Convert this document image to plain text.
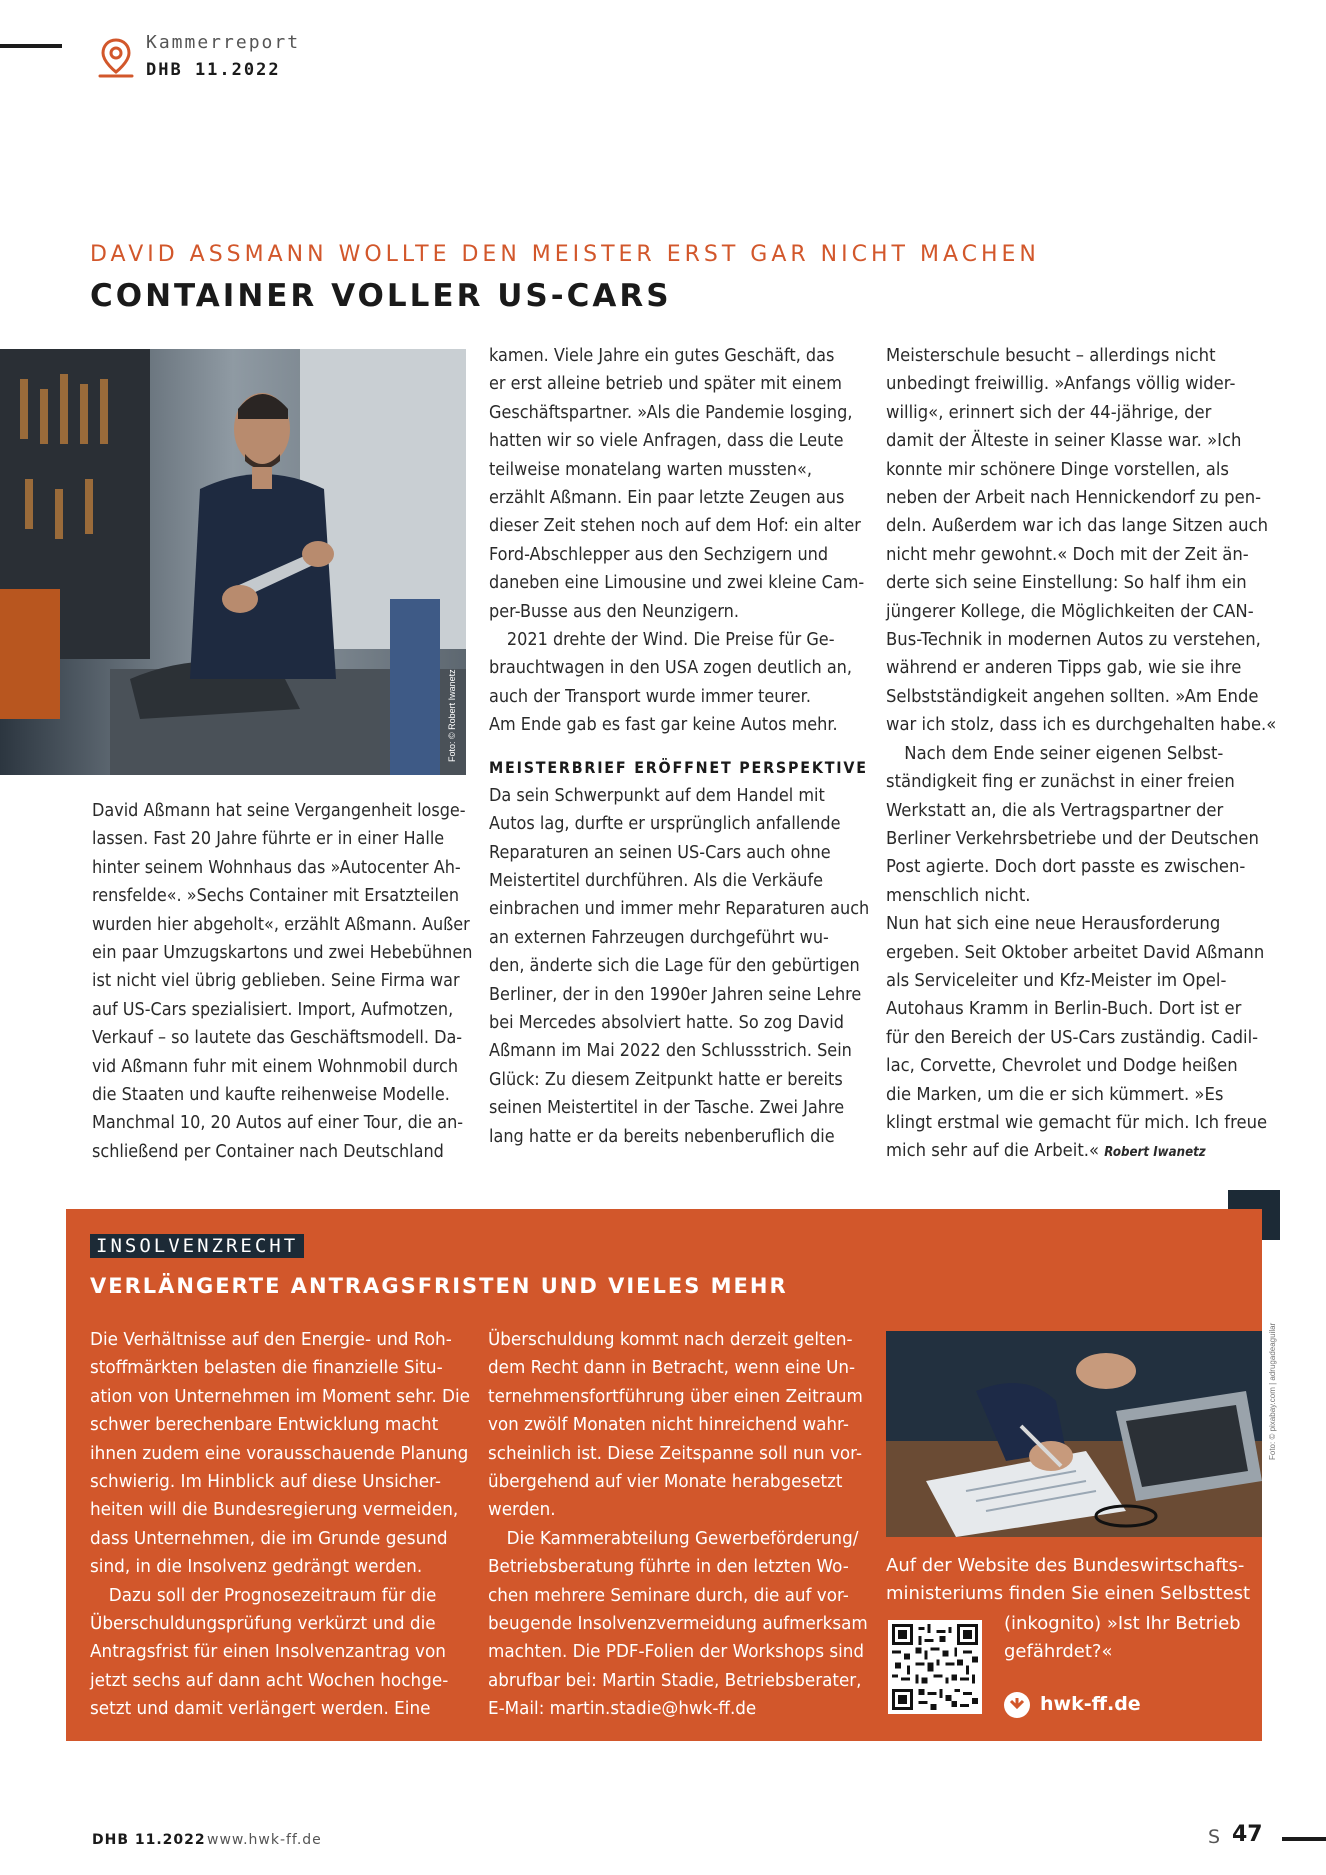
Kammerreport
DHB 11.2022
DAVID ASSMANN WOLLTE DEN MEISTER ERST GAR NICHT MACHEN
CONTAINER VOLLER US-CARS
Foto: © Robert Iwanetz

David Aßmann hat seine Vergangenheit losge-
lassen. Fast 20 Jahre führte er in einer Halle
hinter seinem Wohnhaus das »Autocenter Ah-
rensfelde«. »Sechs Container mit Ersatzteilen
wurden hier abgeholt«, erzählt Aßmann. Außer
ein paar Umzugskartons und zwei Hebebühnen
ist nicht viel übrig geblieben. Seine Firma war
auf US-Cars spezialisiert. Import, Aufmotzen,
Verkauf – so lautete das Geschäftsmodell. Da-
vid Aßmann fuhr mit einem Wohnmobil durch
die Staaten und kaufte reihenweise Modelle.
Manchmal 10, 20 Autos auf einer Tour, die an-
schließend per Container nach Deutschland

kamen. Viele Jahre ein gutes Geschäft, das
er erst alleine betrieb und später mit einem
Geschäftspartner. »Als die Pandemie losging,
hatten wir so viele Anfragen, dass die Leute
teilweise monatelang warten mussten«,
erzählt Aßmann. Ein paar letzte Zeugen aus
dieser Zeit stehen noch auf dem Hof: ein alter
Ford-Abschlepper aus den Sechzigern und
daneben eine Limousine und zwei kleine Cam-
per-Busse aus den Neunzigern.

2021 drehte der Wind. Die Preise für Ge-
brauchtwagen in den USA zogen deutlich an,
auch der Transport wurde immer teurer.
Am Ende gab es fast gar keine Autos mehr.

MEISTERBRIEF ERÖFFNET PERSPEKTIVE

Da sein Schwerpunkt auf dem Handel mit
Autos lag, durfte er ursprünglich anfallende
Reparaturen an seinen US-Cars auch ohne
Meistertitel durchführen. Als die Verkäufe
einbrachen und immer mehr Reparaturen auch
an externen Fahrzeugen durchgeführt wu-
den, änderte sich die Lage für den gebürtigen
Berliner, der in den 1990er Jahren seine Lehre
bei Mercedes absolviert hatte. So zog David
Aßmann im Mai 2022 den Schlussstrich. Sein
Glück: Zu diesem Zeitpunkt hatte er bereits
seinen Meistertitel in der Tasche. Zwei Jahre
lang hatte er da bereits nebenberuflich die

Meisterschule besucht – allerdings nicht
unbedingt freiwillig. »Anfangs völlig wider-
willig«, erinnert sich der 44-jährige, der
damit der Älteste in seiner Klasse war. »Ich
konnte mir schönere Dinge vorstellen, als
neben der Arbeit nach Hennickendorf zu pen-
deln. Außerdem war ich das lange Sitzen auch
nicht mehr gewohnt.« Doch mit der Zeit än-
derte sich seine Einstellung: So half ihm ein
jüngerer Kollege, die Möglichkeiten der CAN-
Bus-Technik in modernen Autos zu verstehen,
während er anderen Tipps gab, wie sie ihre
Selbstständigkeit angehen sollten. »Am Ende
war ich stolz, dass ich es durchgehalten habe.«

Nach dem Ende seiner eigenen Selbst-
ständigkeit fing er zunächst in einer freien
Werkstatt an, die als Vertragspartner der
Berliner Verkehrsbetriebe und der Deutschen
Post agierte. Doch dort passte es zwischen-
menschlich nicht.

Nun hat sich eine neue Herausforderung
ergeben. Seit Oktober arbeitet David Aßmann
als Serviceleiter und Kfz-Meister im Opel-
Autohaus Kramm in Berlin-Buch. Dort ist er
für den Bereich der US-Cars zuständig. Cadil-
lac, Corvette, Chevrolet und Dodge heißen
die Marken, um die er sich kümmert. »Es
klingt erstmal wie gemacht für mich. Ich freue
mich sehr auf die Arbeit.« Robert Iwanetz
INSOLVENZRECHT
VERLÄNGERTE ANTRAGSFRISTEN UND VIELES MEHR

Die Verhältnisse auf den Energie- und Roh-
stoffmärkten belasten die finanzielle Situ-
ation von Unternehmen im Moment sehr. Die
schwer berechenbare Entwicklung macht
ihnen zudem eine vorausschauende Planung
schwierig. Im Hinblick auf diese Unsicher-
heiten will die Bundesregierung vermeiden,
dass Unternehmen, die im Grunde gesund
sind, in die Insolvenz gedrängt werden.

Dazu soll der Prognosezeitraum für die
Überschuldungsprüfung verkürzt und die
Antragsfrist für einen Insolvenzantrag von
jetzt sechs auf dann acht Wochen hochge-
setzt und damit verlängert werden. Eine

Überschuldung kommt nach derzeit gelten-
dem Recht dann in Betracht, wenn eine Un-
ternehmensfortführung über einen Zeitraum
von zwölf Monaten nicht hinreichend wahr-
scheinlich ist. Diese Zeitspanne soll nun vor-
übergehend auf vier Monate herabgesetzt
werden.

Die Kammerabteilung Gewerbeförderung/
Betriebsberatung führte in den letzten Wo-
chen mehrere Seminare durch, die auf vor-
beugende Insolvenzvermeidung aufmerksam
machten. Die PDF-Folien der Workshops sind
abrufbar bei: Martin Stadie, Betriebsberater,
E-Mail: martin.stadie@hwk-ff.de

Foto: © pixabay.com | adrugadeaguilar

Auf der Website des Bundeswirtschafts-
ministeriums finden Sie einen Selbsttest

(inkognito) »Ist Ihr Betrieb
gefährdet?«

hwk-ff.de
DHB 11.2022 www.hwk-ff.de	S 47
